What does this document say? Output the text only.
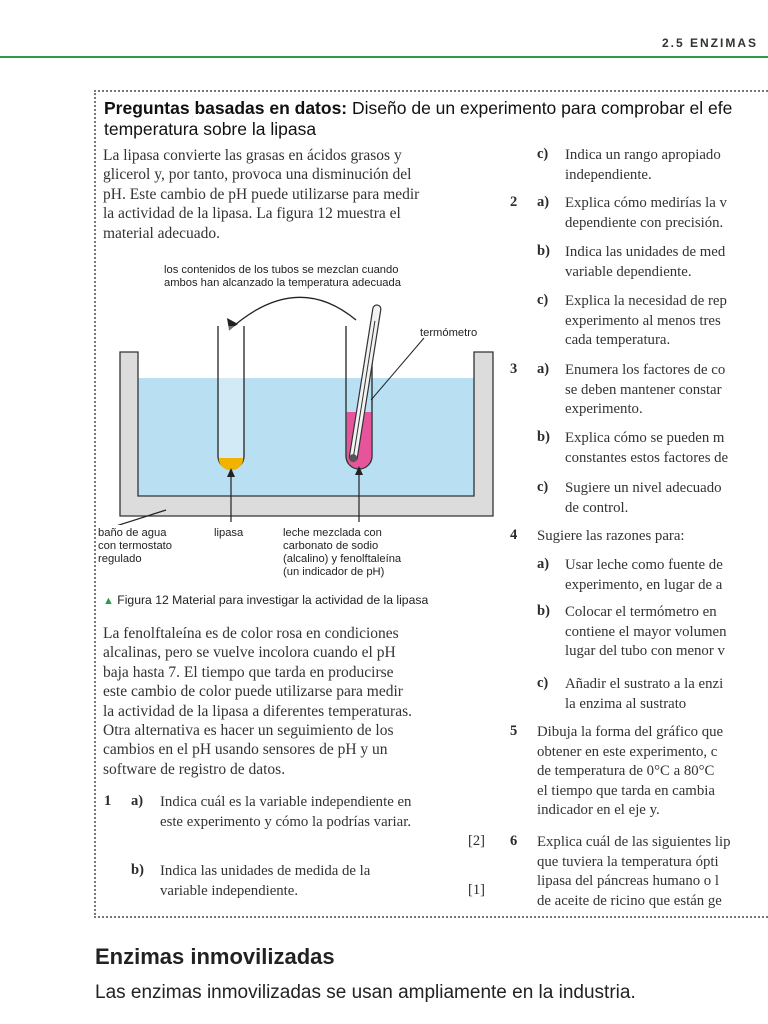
2.5 ENZIMAS
Preguntas basadas en datos: Diseño de un experimento para comprobar el efe
temperatura sobre la lipasa
La lipasa convierte las grasas en ácidos grasos y
glicerol y, por tanto, provoca una disminución del
pH. Este cambio de pH puede utilizarse para medir
la actividad de la lipasa. La figura 12 muestra el
material adecuado.
los contenidos de los tubos se mezclan cuando
ambos han alcanzado la temperatura adecuada
termómetro
baño de agua
con termostato
regulado
lipasa	leche mezclada con
carbonato de sodio
(alcalino) y fenolftaleína
(un indicador de pH)
▲ Figura 12 Material para investigar la actividad de la lipasa
La fenolftaleína es de color rosa en condiciones
alcalinas, pero se vuelve incolora cuando el pH
baja hasta 7. El tiempo que tarda en producirse
este cambio de color puede utilizarse para medir
la actividad de la lipasa a diferentes temperaturas.
Otra alternativa es hacer un seguimiento de los
cambios en el pH usando sensores de pH y un
software de registro de datos.
1 a) Indica cuál es la variable independiente en
este experimento y cómo la podrías variar.
[2]
b) Indica las unidades de medida de la
variable independiente.	[1]
c) Indica un rango apropiado
independiente.
2 a) Explica cómo medirías la v
dependiente con precisión.
b) Indica las unidades de med
variable dependiente.
c) Explica la necesidad de rep
experimento al menos tres
cada temperatura.
3 a) Enumera los factores de co
se deben mantener constar
experimento.
b) Explica cómo se pueden m
constantes estos factores de
c) Sugiere un nivel adecuado
de control.
4 Sugiere las razones para:
a) Usar leche como fuente de
experimento, en lugar de a
b) Colocar el termómetro en
contiene el mayor volumen
lugar del tubo con menor v
c) Añadir el sustrato a la enzi
la enzima al sustrato
5 Dibuja la forma del gráfico que
obtener en este experimento, c
de temperatura de 0°C a 80°C
el tiempo que tarda en cambia
indicador en el eje y.
6 Explica cuál de las siguientes lip
que tuviera la temperatura ópti
lipasa del páncreas humano o l
de aceite de ricino que están ge
Enzimas inmovilizadas
Las enzimas inmovilizadas se usan ampliamente en la industria.
